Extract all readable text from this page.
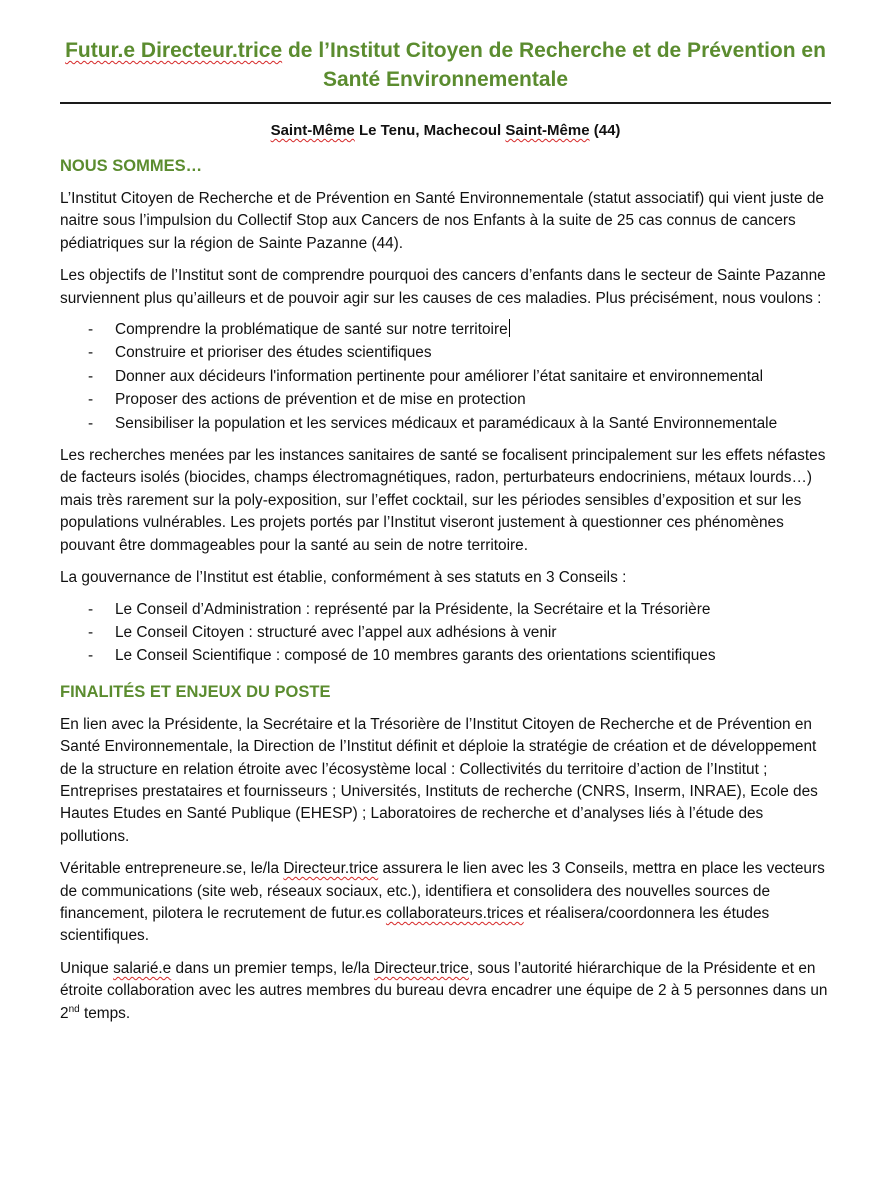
Futur.e Directeur.trice de l’Institut Citoyen de Recherche et de Prévention en Santé Environnementale

Saint-Même Le Tenu, Machecoul Saint-Même (44)

NOUS SOMMES…

L’Institut Citoyen de Recherche et de Prévention en Santé Environnementale (statut associatif) qui vient juste de naitre sous l’impulsion du Collectif Stop aux Cancers de nos Enfants à la suite de 25 cas connus de cancers pédiatriques sur la région de Sainte Pazanne (44).

Les objectifs de l’Institut sont de comprendre pourquoi des cancers d’enfants dans le secteur de Sainte Pazanne surviennent plus qu’ailleurs et de pouvoir agir sur les causes de ces maladies. Plus précisément, nous voulons :

- Comprendre la problématique de santé sur notre territoire
- Construire et prioriser des études scientifiques
- Donner aux décideurs l'information pertinente pour améliorer l’état sanitaire et environnemental
- Proposer des actions de prévention et de mise en protection
- Sensibiliser la population et les services médicaux et paramédicaux à la Santé Environnementale

Les recherches menées par les instances sanitaires de santé se focalisent principalement sur les effets néfastes de facteurs isolés (biocides, champs électromagnétiques, radon, perturbateurs endocriniens, métaux lourds…) mais très rarement sur la poly-exposition, sur l’effet cocktail, sur les périodes sensibles d’exposition et sur les populations vulnérables. Les projets portés par l’Institut viseront justement à questionner ces phénomènes pouvant être dommageables pour la santé au sein de notre territoire.

La gouvernance de l’Institut est établie, conformément à ses statuts en 3 Conseils :

- Le Conseil d’Administration : représenté par la Présidente, la Secrétaire et la Trésorière
- Le Conseil Citoyen : structuré avec l’appel aux adhésions à venir
- Le Conseil Scientifique : composé de 10 membres garants des orientations scientifiques
FINALITÉS ET ENJEUX DU POSTE

En lien avec la Présidente, la Secrétaire et la Trésorière de l’Institut Citoyen de Recherche et de Prévention en Santé Environnementale, la Direction de l’Institut définit et déploie la stratégie de création et de développement de la structure en relation étroite avec l’écosystème local : Collectivités du territoire d’action de l’Institut ; Entreprises prestataires et fournisseurs ; Universités, Instituts de recherche (CNRS, Inserm, INRAE), Ecole des Hautes Etudes en Santé Publique (EHESP) ; Laboratoires de recherche et d’analyses liés à l’étude des pollutions.

Véritable entrepreneure.se, le/la Directeur.trice assurera le lien avec les 3 Conseils, mettra en place les vecteurs de communications (site web, réseaux sociaux, etc.), identifiera et consolidera des nouvelles sources de financement, pilotera le recrutement de futur.es collaborateurs.trices et réalisera/coordonnera les études scientifiques.

Unique salarié.e dans un premier temps, le/la Directeur.trice, sous l’autorité hiérarchique de la Présidente et en étroite collaboration avec les autres membres du bureau devra encadrer une équipe de 2 à 5 personnes dans un 2nd temps.
